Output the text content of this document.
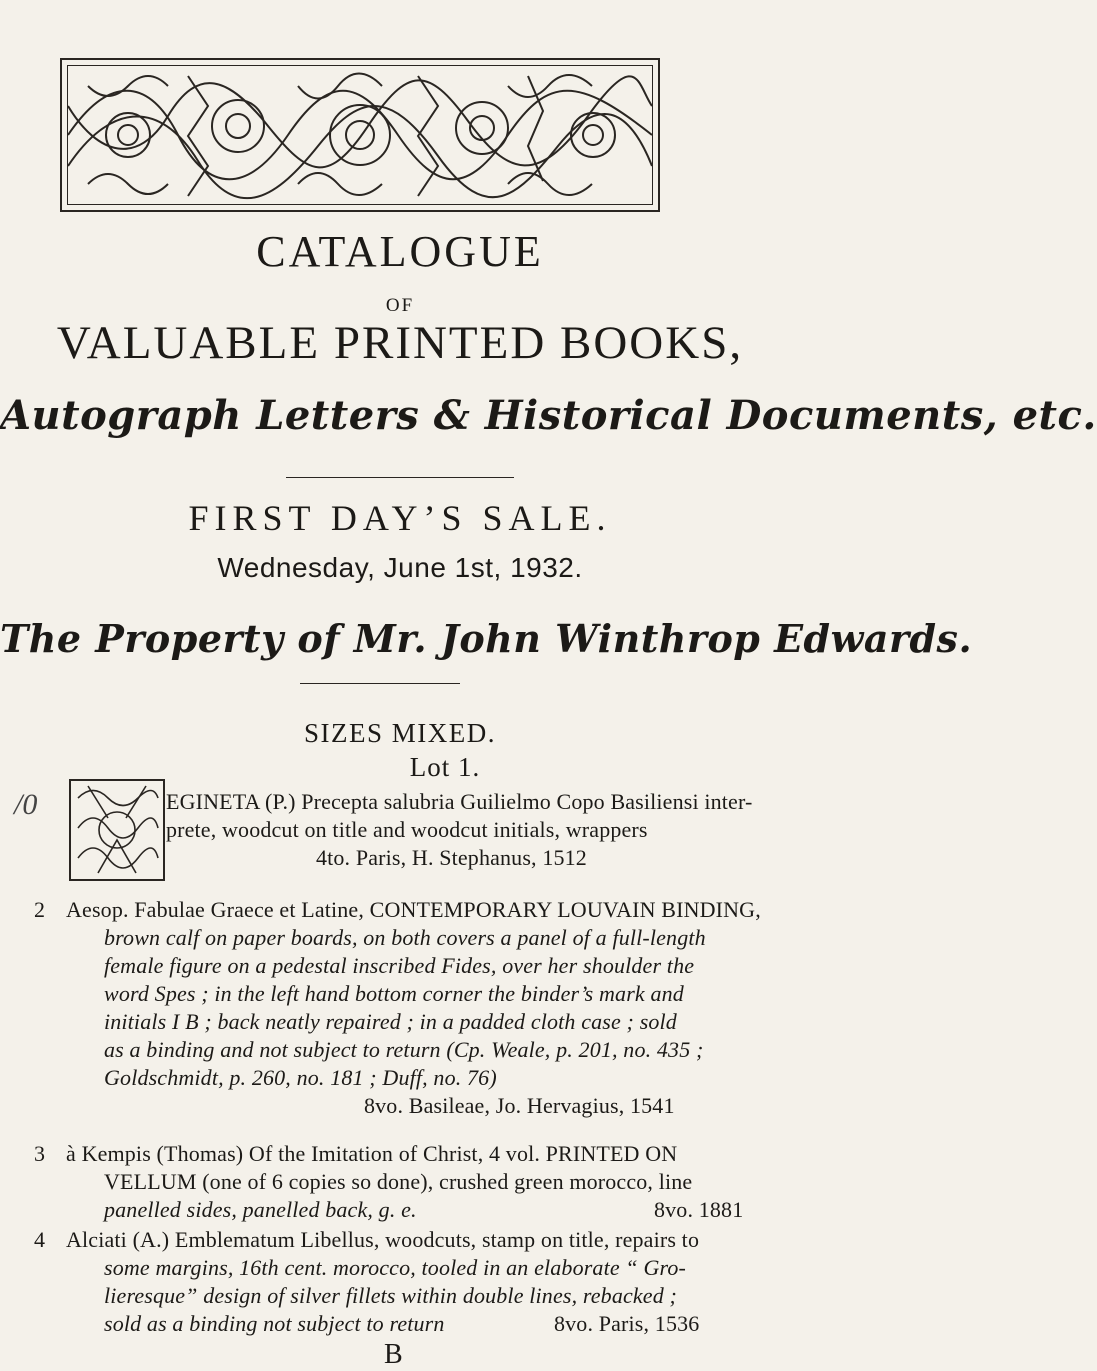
CATALOGUE
OF
VALUABLE PRINTED BOOKS,
Autograph Letters & Historical Documents, etc.
FIRST DAY’S SALE.
Wednesday, June 1st, 1932.
The Property of Mr. John Winthrop Edwards.
SIZES MIXED.
Lot 1.
/0	EGINETA (P.) Precepta salubria Guilielmo Copo Basiliensi inter-
prete, woodcut on title and woodcut initials, wrappers
4to. Paris, H. Stephanus, 1512
2 Aesop. Fabulae Graece et Latine, CONTEMPORARY LOUVAIN BINDING,
brown calf on paper boards, on both covers a panel of a full-length
female figure on a pedestal inscribed Fides, over her shoulder the
word Spes ; in the left hand bottom corner the binder’s mark and
initials I B ; back neatly repaired ; in a padded cloth case ; sold
as a binding and not subject to return (Cp. Weale, p. 201, no. 435 ;
Goldschmidt, p. 260, no. 181 ; Duff, no. 76)
8vo. Basileae, Jo. Hervagius, 1541
3 à Kempis (Thomas) Of the Imitation of Christ, 4 vol. PRINTED ON
VELLUM (one of 6 copies so done), crushed green morocco, line
panelled sides, panelled back, g. e.	8vo. 1881
4 Alciati (A.) Emblematum Libellus, woodcuts, stamp on title, repairs to
some margins, 16th cent. morocco, tooled in an elaborate “ Gro-
lieresque” design of silver fillets within double lines, rebacked ;
sold as a binding not subject to return	8vo. Paris, 1536
B
